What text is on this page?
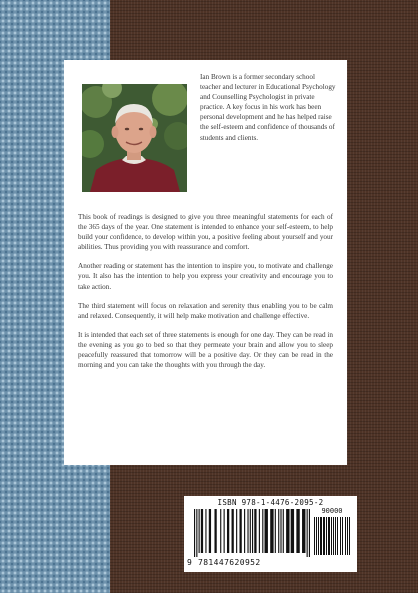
Ian Brown is a former secondary school teacher and lecturer in Educational Psychology and Counselling Psychologist in private practice. A key focus in his work has been personal development and he has helped raise the self-esteem and confidence of thousands of students and clients.

This book of readings is designed to give you three meaningful statements for each of the 365 days of the year. One statement is intended to enhance your self-esteem, to help build your confidence, to develop within you, a positive feeling about yourself and your abilities. Thus providing you with reassurance and comfort.

Another reading or statement has the intention to inspire you, to motivate and challenge you. It also has the intention to help you express your creativity and encourage you to take action.

The third statement will focus on relaxation and serenity thus enabling you to be calm and relaxed. Consequently, it will help make motivation and challenge effective.

It is intended that each set of three statements is enough for one day. They can be read in the evening as you go to bed so that they permeate your brain and allow you to sleep peacefully reassured that tomorrow will be a positive day. Or they can be read in the morning and you can take the thoughts with you through the day.

ISBN 978-1-4476-2095-2
90000
9 781447620952
